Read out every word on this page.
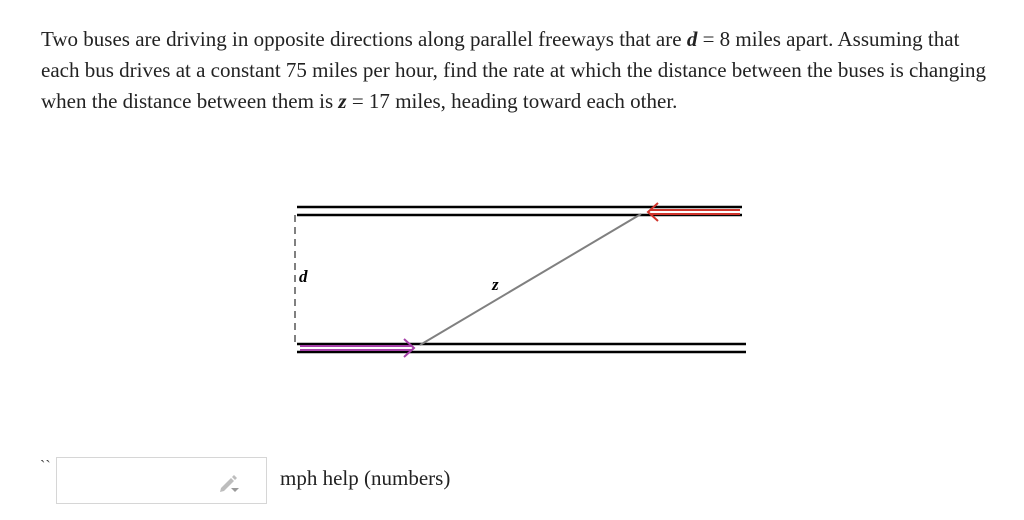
Two buses are driving in opposite directions along parallel freeways that are d = 8 miles apart. Assuming that each bus drives at a constant 75 miles per hour, find the rate at which the distance between the buses is changing when the distance between them is z = 17 miles, heading toward each other.
d	z
``	mph help (numbers)
